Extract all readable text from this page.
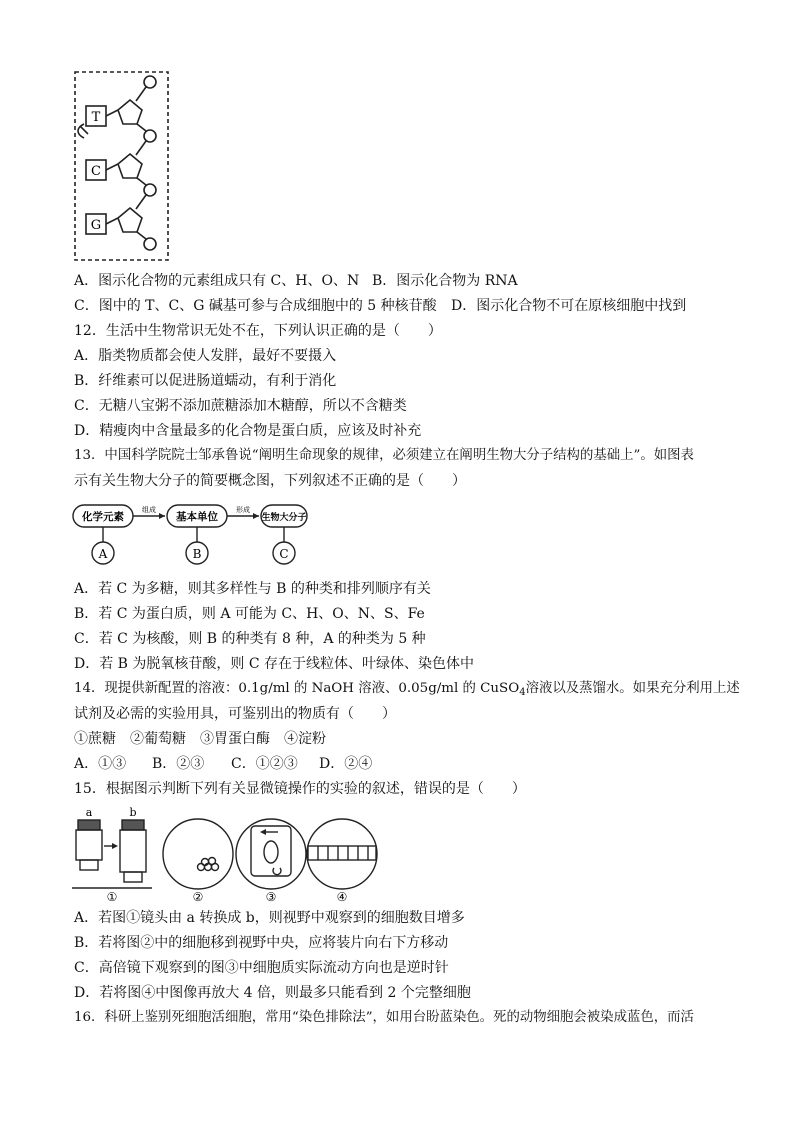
T
C
G
A．图示化合物的元素组成只有 C、H、O、N B．图示化合物为 RNA
C．图中的 T、C、G 碱基可参与合成细胞中的 5 种核苷酸 D．图示化合物不可在原核细胞中找到
12．生活中生物常识无处不在，下列认识正确的是（　　）
A．脂类物质都会使人发胖，最好不要摄入
B．纤维素可以促进肠道蠕动，有利于消化
C．无糖八宝粥不添加蔗糖添加木糖醇，所以不含糖类
D．精瘦肉中含量最多的化合物是蛋白质，应该及时补充
13．中国科学院院士邹承鲁说“阐明生命现象的规律，必须建立在阐明生物大分子结构的基础上”。如图表
示有关生物大分子的简要概念图，下列叙述不正确的是（　　）
化学元素	基本单位	生物大分子
组成	形成
A	B	C
A．若 C 为多糖，则其多样性与 B 的种类和排列顺序有关
B．若 C 为蛋白质，则 A 可能为 C、H、O、N、S、Fe
C．若 C 为核酸，则 B 的种类有 8 种，A 的种类为 5 种
D．若 B 为脱氧核苷酸，则 C 存在于线粒体、叶绿体、染色体中
14．现提供新配置的溶液：0.1g/ml 的 NaOH 溶液、0.05g/ml 的 CuSO$_4$溶液以及蒸馏水。如果充分利用上述
试剂及必需的实验用具，可鉴别出的物质有（　　）
①蔗糖　②葡萄糖　③胃蛋白酶　④淀粉
A．①③ B．②③ C．①②③ D．②④
15．根据图示判断下列有关显微镜操作的实验的叙述，错误的是（　　）
a	b
①	②	③	④
A．若图①镜头由 a 转换成 b，则视野中观察到的细胞数目增多
B．若将图②中的细胞移到视野中央，应将装片向右下方移动
C．高倍镜下观察到的图③中细胞质实际流动方向也是逆时针
D．若将图④中图像再放大 4 倍，则最多只能看到 2 个完整细胞
16．科研上鉴别死细胞活细胞，常用“染色排除法”，如用台盼蓝染色。死的动物细胞会被染成蓝色，而活
